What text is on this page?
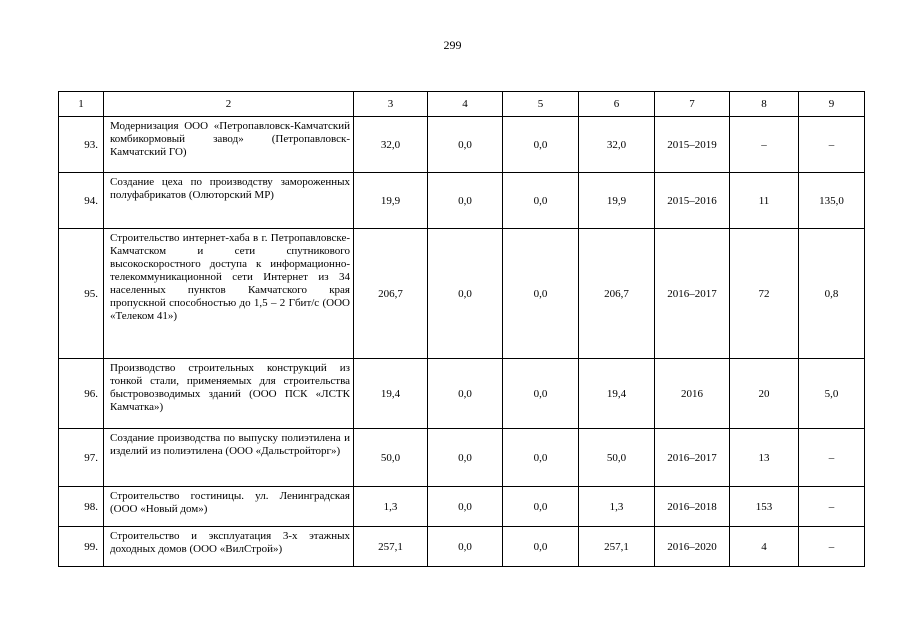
299
1	2	3	4	5	6	7	8	9
93.	Модернизация ООО «Петропавловск-Камчатский комбикормовый завод» (Петропавловск-Камчатский ГО)	32,0	0,0	0,0	32,0	2015–2019	–	–
94.	Создание цеха по производству замороженных полуфабрикатов (Олюторский МР)	19,9	0,0	0,0	19,9	2015–2016	11	135,0
95.	Строительство интернет-хаба в г. Петропавловске-Камчатском и сети спутникового высокоскоростного доступа к информационно-телекоммуникационной сети Интернет из 34 населенных пунктов Камчатского края пропускной способностью до 1,5 – 2 Гбит/с (ООО «Телеком 41»)	206,7	0,0	0,0	206,7	2016–2017	72	0,8
96.	Производство строительных конструкций из тонкой стали, применяемых для строительства быстровозводимых зданий (ООО ПСК «ЛСТК Камчатка»)	19,4	0,0	0,0	19,4	2016	20	5,0
97.	Создание производства по выпуску полиэтилена и изделий из полиэтилена (ООО «Дальстройторг»)	50,0	0,0	0,0	50,0	2016–2017	13	–
98.	Строительство гостиницы. ул. Ленинградская (ООО «Новый дом»)	1,3	0,0	0,0	1,3	2016–2018	153	–
99.	Строительство и эксплуатация 3-х этажных доходных домов (ООО «ВилСтрой»)	257,1	0,0	0,0	257,1	2016–2020	4	–
